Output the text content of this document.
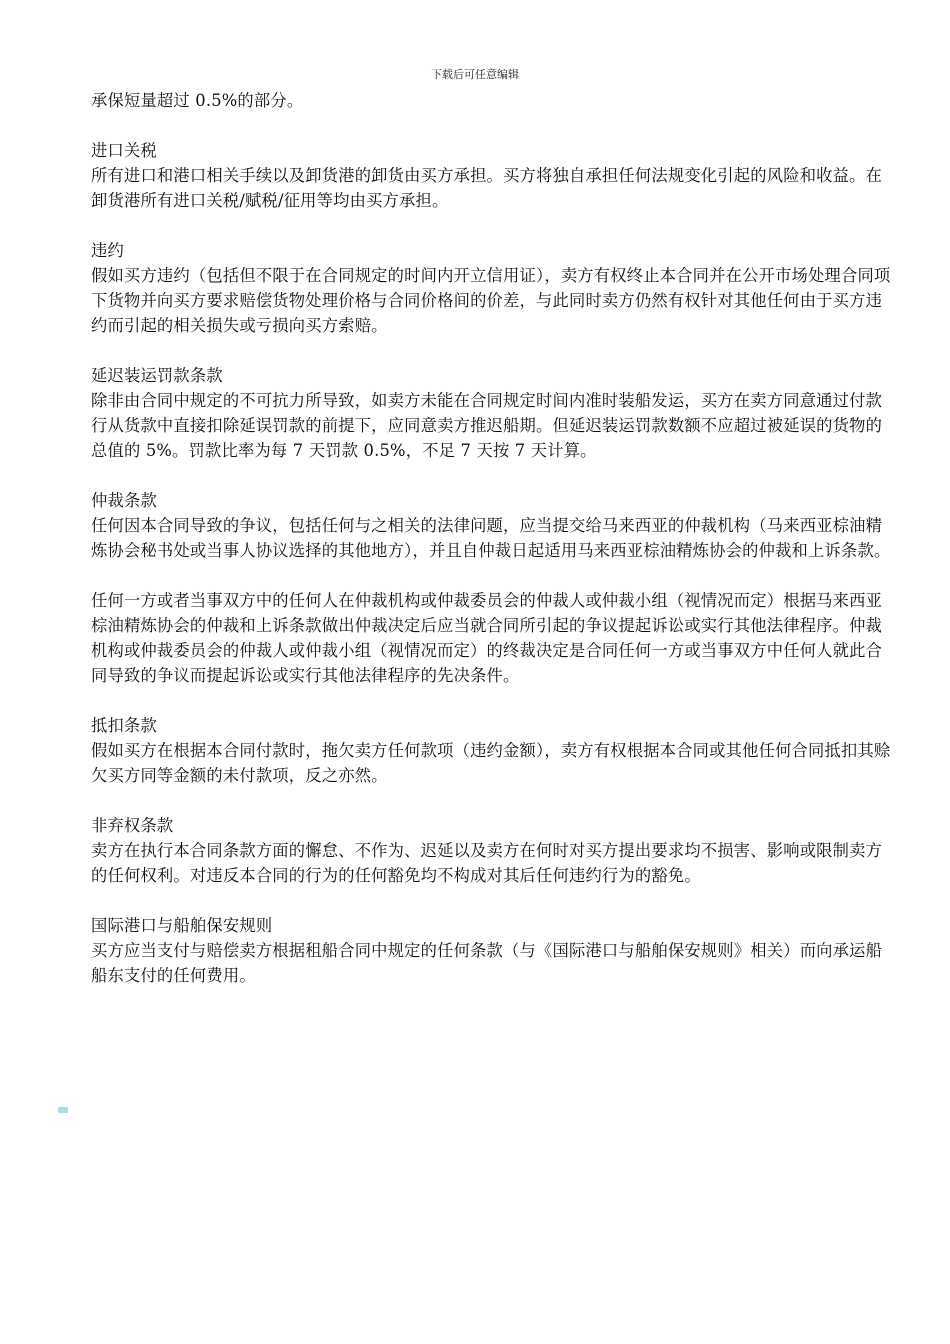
下载后可任意编辑

承保短量超过 0.5%的部分。

进口关税

所有进口和港口相关手续以及卸货港的卸货由买方承担。买方将独自承担任何法规变化引起的风险和收益。在卸货港所有进口关税/赋税/征用等均由买方承担。

违约

假如买方违约（包括但不限于在合同规定的时间内开立信用证），卖方有权终止本合同并在公开市场处理合同项下货物并向买方要求赔偿货物处理价格与合同价格间的价差，与此同时卖方仍然有权针对其他任何由于买方违约而引起的相关损失或亏损向买方索赔。

延迟装运罚款条款

除非由合同中规定的不可抗力所导致，如卖方未能在合同规定时间内准时装船发运，买方在卖方同意通过付款行从货款中直接扣除延误罚款的前提下，应同意卖方推迟船期。但延迟装运罚款数额不应超过被延误的货物的总值的 5%。罚款比率为每 7 天罚款 0.5%，不足 7 天按 7 天计算。

仲裁条款

任何因本合同导致的争议，包括任何与之相关的法律问题，应当提交给马来西亚的仲裁机构（马来西亚棕油精炼协会秘书处或当事人协议选择的其他地方），并且自仲裁日起适用马来西亚棕油精炼协会的仲裁和上诉条款。

任何一方或者当事双方中的任何人在仲裁机构或仲裁委员会的仲裁人或仲裁小组（视情况而定）根据马来西亚棕油精炼协会的仲裁和上诉条款做出仲裁决定后应当就合同所引起的争议提起诉讼或实行其他法律程序。仲裁机构或仲裁委员会的仲裁人或仲裁小组（视情况而定）的终裁决定是合同任何一方或当事双方中任何人就此合同导致的争议而提起诉讼或实行其他法律程序的先决条件。

抵扣条款

假如买方在根据本合同付款时，拖欠卖方任何款项（违约金额），卖方有权根据本合同或其他任何合同抵扣其赊欠买方同等金额的未付款项，反之亦然。

非弃权条款

卖方在执行本合同条款方面的懈怠、不作为、迟延以及卖方在何时对买方提出要求均不损害、影响或限制卖方的任何权利。对违反本合同的行为的任何豁免均不构成对其后任何违约行为的豁免。

国际港口与船舶保安规则

买方应当支付与赔偿卖方根据租船合同中规定的任何条款（与《国际港口与船舶保安规则》相关）而向承运船船东支付的任何费用。
